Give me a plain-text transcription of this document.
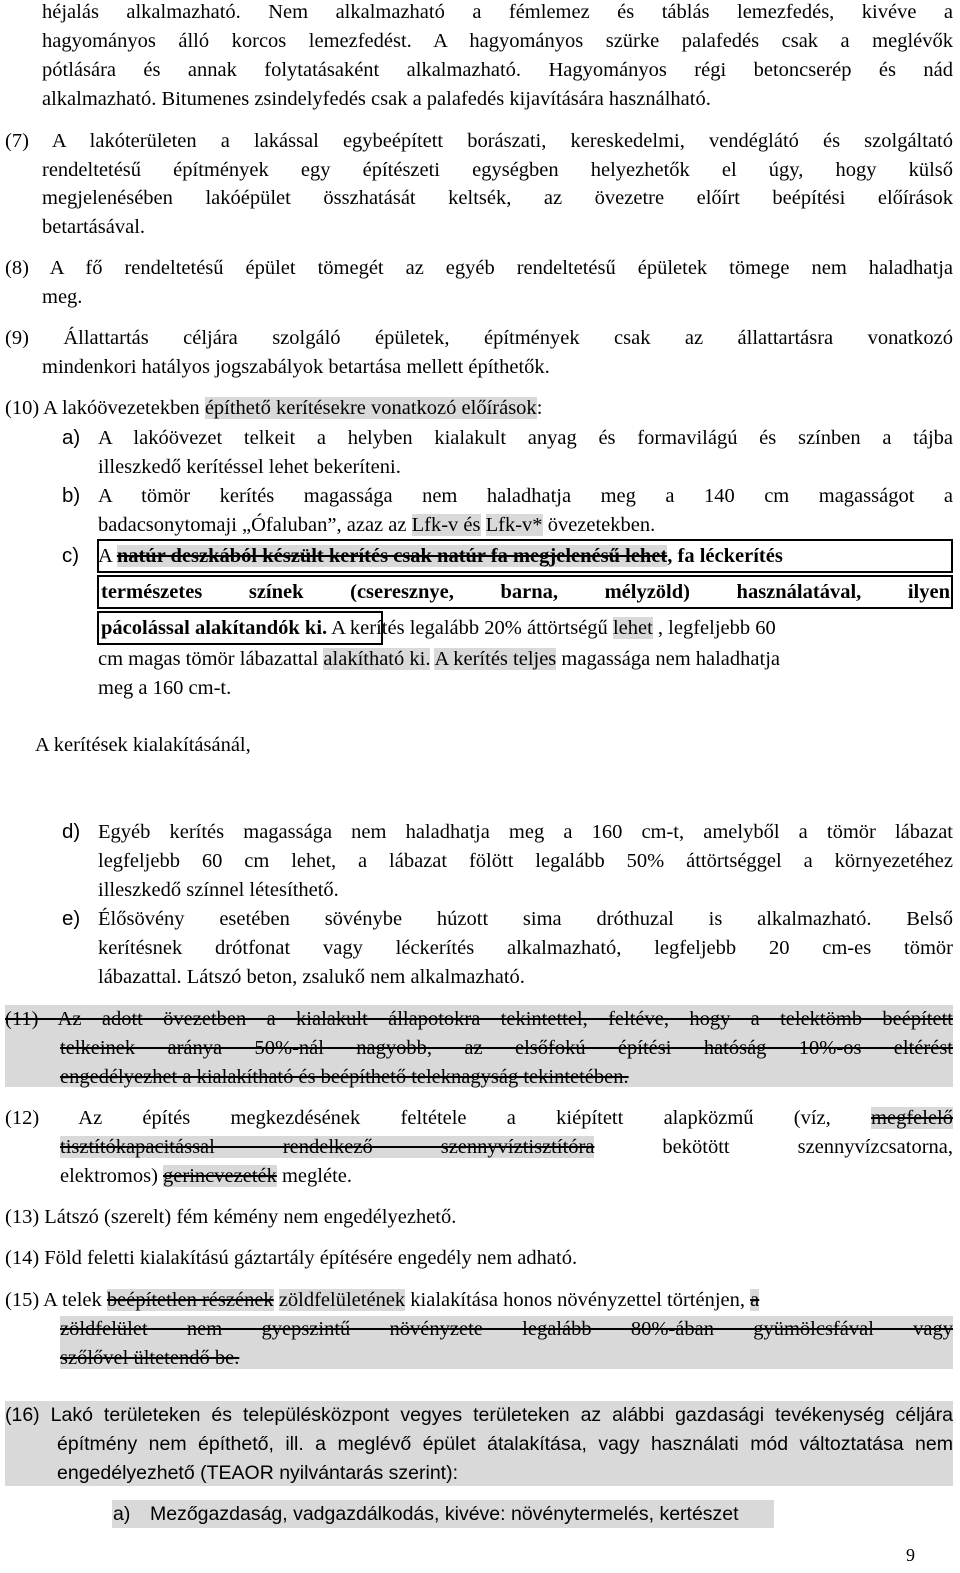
héjalás alkalmazható. Nem alkalmazható a fémlemez és táblás lemezfedés, kivéve a
hagyományos álló korcos lemezfedést. A hagyományos szürke palafedés csak a meglévők
pótlására és annak folytatásaként alkalmazható. Hagyományos régi betoncserép és nád
alkalmazható. Bitumenes zsindelyfedés csak a palafedés kijavítására használható.
(7) A lakóterületen a lakással egybeépített borászati, kereskedelmi, vendéglátó és szolgáltató
rendeltetésű építmények egy építészeti egységben helyezhetők el úgy, hogy külső
megjelenésében lakóépület összhatását keltsék, az övezetre előírt beépítési előírások
betartásával.
(8) A fő rendeltetésű épület tömegét az egyéb rendeltetésű épületek tömege nem haladhatja
meg.
(9) Állattartás céljára szolgáló épületek, építmények csak az állattartásra vonatkozó
mindenkori hatályos jogszabályok betartása mellett építhetők.
(10) A lakóövezetekben építhető kerítésekre vonatkozó előírások:
a) A lakóövezet telkeit a helyben kialakult anyag és formavilágú és színben a tájba
illeszkedő kerítéssel lehet bekeríteni.
b) A tömör kerítés magassága nem haladhatja meg a 140 cm magasságot a
badacsonytomaji „Ófaluban”, azaz az Lfk-v és Lfk-v* övezetekben.
c) A natúr deszkából készült kerítés csak natúr fa megjelenésű lehet, fa léckerítés
természetes színek (cseresznye, barna, mélyzöld) használatával, ilyen
pácolással alakítandók ki. A kerítés legalább 20% áttörtségű lehet , legfeljebb 60
cm magas tömör lábazattal alakítható ki. A kerítés teljes magassága nem haladhatja
meg a 160 cm-t.
A kerítések kialakításánál,
d) Egyéb kerítés magassága nem haladhatja meg a 160 cm-t, amelyből a tömör lábazat
legfeljebb 60 cm lehet, a lábazat fölött legalább 50% áttörtséggel a környezetéhez
illeszkedő színnel létesíthető.
e) Élősövény esetében sövénybe húzott sima dróthuzal is alkalmazható. Belső
kerítésnek drótfonat vagy léckerítés alkalmazható, legfeljebb 20 cm-es tömör
lábazattal. Látszó beton, zsalukő nem alkalmazható.
(11) Az adott övezetben a kialakult állapotokra tekintettel, feltéve, hogy a telektömb beépített
telkeinek aránya 50%-nál nagyobb, az elsőfokú építési hatóság 10%-os eltérést
engedélyezhet a kialakítható és beépíthető teleknagyság tekintetében.
(12) Az építés megkezdésének feltétele a kiépített alapközmű (víz, megfelelő
tisztítókapacitással rendelkező szennyvíztisztítóra bekötött szennyvízcsatorna,
elektromos) gerincvezeték megléte.
(13) Látszó (szerelt) fém kémény nem engedélyezhető.
(14) Föld feletti kialakítású gáztartály építésére engedély nem adható.
(15) A telek beépítetlen részének zöldfelületének kialakítása honos növényzettel történjen, a
zöldfelület nem gyepszintű növényzete legalább 80%-ában gyümölcsfával vagy
szőlővel ültetendő be.
(16) Lakó területeken és településközpont vegyes területeken az alábbi gazdasági tevékenység céljára
építmény nem építhető, ill. a meglévő épület átalakítása, vagy használati mód változtatása nem
engedélyezhető (TEAOR nyilvántarás szerint):
a) Mezőgazdaság, vadgazdálkodás, kivéve: növénytermelés, kertészet
9
